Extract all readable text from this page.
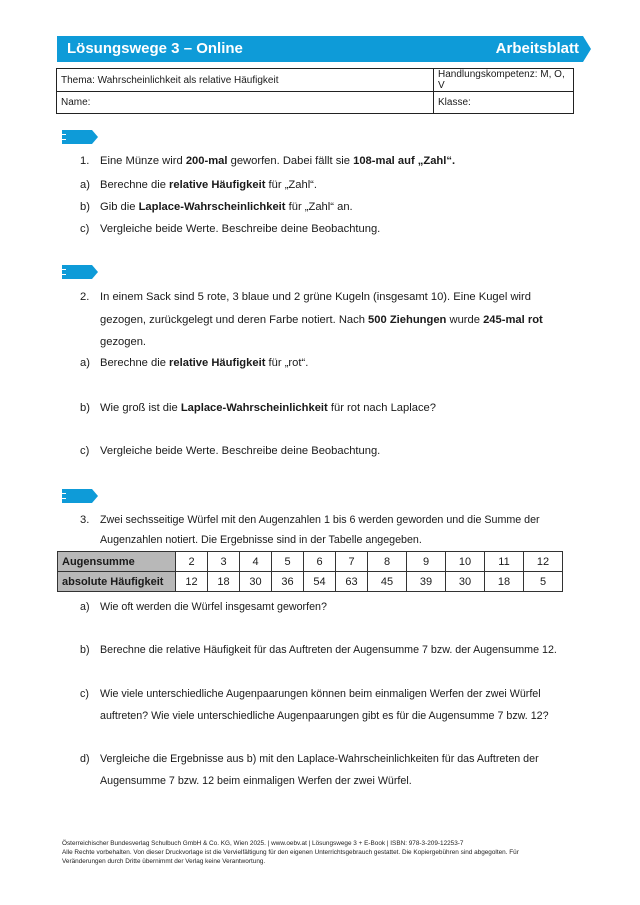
Lösungswege 3 – Online	Arbeitsblatt
Thema: Wahrscheinlichkeit als relative Häufigkeit	Handlungskompetenz: M, O, V
Name:	Klasse:
1. Eine Münze wird 200-mal geworfen. Dabei fällt sie 108-mal auf „Zahl“.
a) Berechne die relative Häufigkeit für „Zahl“.
b) Gib die Laplace-Wahrscheinlichkeit für „Zahl“ an.
c) Vergleiche beide Werte. Beschreibe deine Beobachtung.
2. In einem Sack sind 5 rote, 3 blaue und 2 grüne Kugeln (insgesamt 10). Eine Kugel wird
gezogen, zurückgelegt und deren Farbe notiert. Nach 500 Ziehungen wurde 245-mal rot
gezogen.
a) Berechne die relative Häufigkeit für „rot“.
b) Wie groß ist die Laplace-Wahrscheinlichkeit für rot nach Laplace?
c) Vergleiche beide Werte. Beschreibe deine Beobachtung.
3. Zwei sechsseitige Würfel mit den Augenzahlen 1 bis 6 werden geworden und die Summe der
Augenzahlen notiert. Die Ergebnisse sind in der Tabelle angegeben.
Augensumme	2	3	4	5	6	7	8	9	10	11	12
absolute Häufigkeit	12	18	30	36	54	63	45	39	30	18	5
a) Wie oft werden die Würfel insgesamt geworfen?
b) Berechne die relative Häufigkeit für das Auftreten der Augensumme 7 bzw. der Augensumme 12.
c) Wie viele unterschiedliche Augenpaarungen können beim einmaligen Werfen der zwei Würfel
auftreten? Wie viele unterschiedliche Augenpaarungen gibt es für die Augensumme 7 bzw. 12?
d) Vergleiche die Ergebnisse aus b) mit den Laplace-Wahrscheinlichkeiten für das Auftreten der
Augensumme 7 bzw. 12 beim einmaligen Werfen der zwei Würfel.
Österreichischer Bundesverlag Schulbuch GmbH & Co. KG, Wien 2025. | www.oebv.at | Lösungswege 3 + E-Book | ISBN: 978-3-209-12253-7
Alle Rechte vorbehalten. Von dieser Druckvorlage ist die Vervielfältigung für den eigenen Unterrichtsgebrauch gestattet. Die Kopiergebühren sind abgegolten. Für
Veränderungen durch Dritte übernimmt der Verlag keine Verantwortung.
